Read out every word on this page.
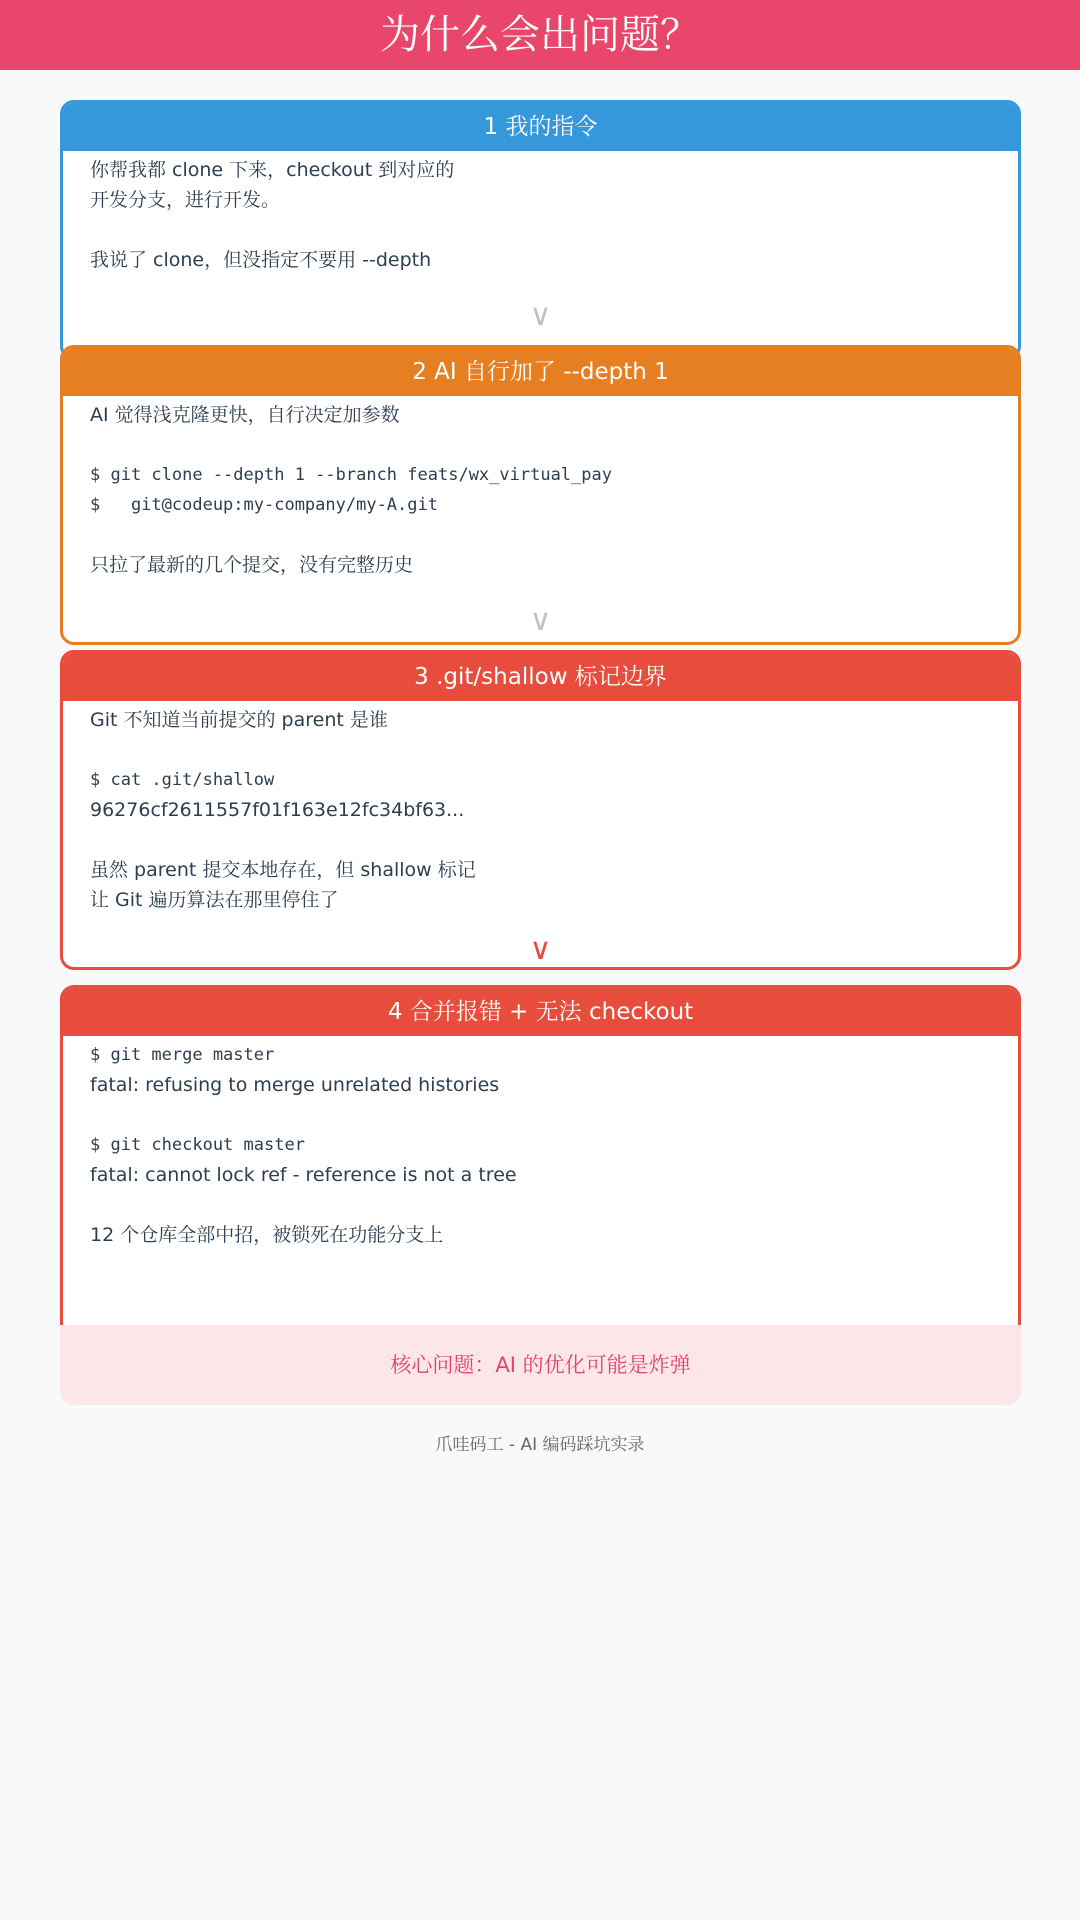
为什么会出问题？
1 我的指令
你帮我都 clone 下来，checkout 到对应的
开发分支，进行开发。
我说了 clone，但没指定不要用 --depth
∨
2 AI 自行加了 --depth 1
AI 觉得浅克隆更快，自行决定加参数
$ git clone --depth 1 --branch feats/wx_virtual_pay
$   git@codeup:my-company/my-A.git
只拉了最新的几个提交，没有完整历史
∨
3 .git/shallow 标记边界
Git 不知道当前提交的 parent 是谁
$ cat .git/shallow
96276cf2611557f01f163e12fc34bf63...
虽然 parent 提交本地存在，但 shallow 标记
让 Git 遍历算法在那里停住了
∨
4 合并报错 + 无法 checkout
$ git merge master
fatal: refusing to merge unrelated histories
$ git checkout master
fatal: cannot lock ref - reference is not a tree
12 个仓库全部中招，被锁死在功能分支上
核心问题：AI 的优化可能是炸弹
爪哇码工 - AI 编码踩坑实录
